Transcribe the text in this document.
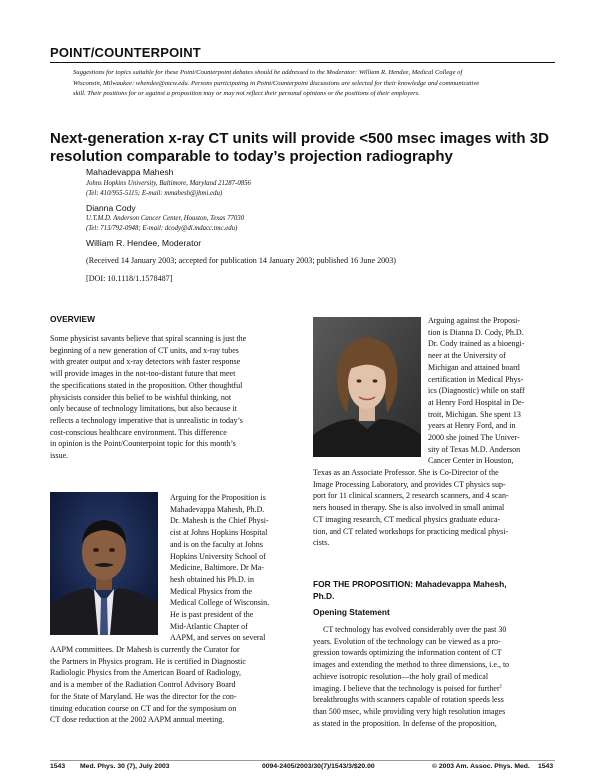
POINT/COUNTERPOINT
Suggestions for topics suitable for these Point/Counterpoint debates should be addressed to the Moderator: William R. Hendee, Medical College of Wisconsin, Milwaukee: whendee@mcw.edu. Persons participating in Point/Counterpoint discussions are selected for their knowledge and communicative skill. Their positions for or against a proposition may or may not reflect their personal opinions or the positions of their employers.
Next-generation x-ray CT units will provide <500 msec images with 3D
resolution comparable to today’s projection radiography
Mahadevappa Mahesh
Johns Hopkins University, Baltimore, Maryland 21287-0856
(Tel: 410/955-5115; E-mail: mmahesh@jhmi.edu)
Dianna Cody
U.T.M.D. Anderson Cancer Center, Houston, Texas 77030
(Tel: 713/792-0948; E-mail: dcody@di.mdacc.tmc.edu)
William R. Hendee, Moderator
(Received 14 January 2003; accepted for publication 14 January 2003; published 16 June 2003)
[DOI: 10.1118/1.1578487]
OVERVIEW
Some physicist savants believe that spiral scanning is just the
beginning of a new generation of CT units, and x-ray tubes
with greater output and x-ray detectors with faster response
will provide images in the not-too-distant future that meet
the specifications stated in the proposition. Other thoughtful
physicists consider this belief to be wishful thinking, not
only because of technology limitations, but also because it
reflects a technology imperative that is unrealistic in today’s
cost-conscious healthcare environment. This difference
in opinion is the Point/Counterpoint topic for this month’s
issue.
Arguing for the Proposition is
Mahadevappa Mahesh, Ph.D.
Dr. Mahesh is the Chief Physi-
cist at Johns Hopkins Hospital
and is on the faculty at Johns
Hopkins University School of
Medicine, Baltimore. Dr Ma-
hesh obtained his Ph.D. in
Medical Physics from the
Medical College of Wisconsin.
He is past president of the
Mid-Atlantic Chapter of
AAPM, and serves on several
AAPM committees. Dr Mahesh is currently the Curator for
the Partners in Physics program. He is certified in Diagnostic
Radiologic Physics from the American Board of Radiology,
and is a member of the Radiation Control Advisory Board
for the State of Maryland. He was the director for the con-
tinuing education course on CT and for the symposium on
CT dose reduction at the 2002 AAPM annual meeting.
Arguing against the Proposi-
tion is Dianna D. Cody, Ph.D.
Dr. Cody trained as a bioengi-
neer at the University of
Michigan and attained board
certification in Medical Phys-
ics (Diagnostic) while on staff
at Henry Ford Hospital in De-
troit, Michigan. She spent 13
years at Henry Ford, and in
2000 she joined The Univer-
sity of Texas M.D. Anderson
Cancer Center in Houston,
Texas as an Associate Professor. She is Co-Director of the
Image Processing Laboratory, and provides CT physics sup-
port for 11 clinical scanners, 2 research scanners, and 4 scan-
ners housed in therapy. She is also involved in small animal
CT imaging research, CT medical physics graduate educa-
tion, and CT related workshops for practicing medical physi-
cists.
FOR THE PROPOSITION: Mahadevappa Mahesh,
Ph.D.
Opening Statement
CT technology has evolved considerably over the past 30
years. Evolution of the technology can be viewed as a pro-
gression towards optimizing the information content of CT
images and extending the method to three dimensions, i.e., to
achieve isotropic resolution—the holy grail of medical
imaging. I believe that the technology is poised for further$^1$
breakthroughs with scanners capable of rotation speeds less
than 500 msec, while providing very high resolution images
as stated in the proposition. In defense of the proposition,
1543 Med. Phys. 30 (7), July 2003	0094-2405/2003/30(7)/1543/3/$20.00	© 2003 Am. Assoc. Phys. Med. 1543
